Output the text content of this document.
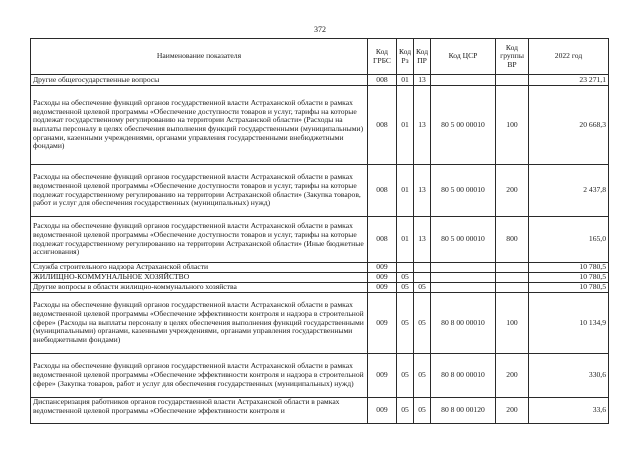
372
Наименование показателя	Код ГРБС	Код Рз	Код ПР	Код ЦСР	Код группы ВР	2022 год
Другие общегосударственные вопросы	008	01	13			23 271,1
Расходы на обеспечение функций органов государственной власти Астраханской области в рамках ведомственной целевой программы «Обеспечение доступности товаров и услуг, тарифы на которые подлежат государственному регулированию на территории Астраханской области» (Расходы на выплаты персоналу в целях обеспечения выполнения функций государственными (муниципальными) органами, казенными учреждениями, органами управления государственными внебюджетными фондами)	008	01	13	80 5 00 00010	100	20 668,3
Расходы на обеспечение функций органов государственной власти Астраханской области в рамках ведомственной целевой программы «Обеспечение доступности товаров и услуг, тарифы на которые подлежат государственному регулированию на территории Астраханской области» (Закупка товаров, работ и услуг для обеспечения государственных (муниципальных) нужд)	008	01	13	80 5 00 00010	200	2 437,8
Расходы на обеспечение функций органов государственной власти Астраханской области в рамках ведомственной целевой программы «Обеспечение доступности товаров и услуг, тарифы на которые подлежат государственному регулированию на территории Астраханской области» (Иные бюджетные ассигнования)	008	01	13	80 5 00 00010	800	165,0
Служба строительного надзора Астраханской области	009					10 780,5
ЖИЛИЩНО-КОММУНАЛЬНОЕ ХОЗЯЙСТВО	009	05				10 780,5
Другие вопросы в области жилищно-коммунального хозяйства	009	05	05			10 780,5
Расходы на обеспечение функций органов государственной власти Астраханской области в рамках ведомственной целевой программы «Обеспечение эффективности контроля и надзора в строительной сфере» (Расходы на выплаты персоналу в целях обеспечения выполнения функций государственными (муниципальными) органами, казенными учреждениями, органами управления государственными внебюджетными фондами)	009	05	05	80 8 00 00010	100	10 134,9
Расходы на обеспечение функций органов государственной власти Астраханской области в рамках ведомственной целевой программы «Обеспечение эффективности контроля и надзора в строительной сфере» (Закупка товаров, работ и услуг для обеспечения государственных (муниципальных) нужд)	009	05	05	80 8 00 00010	200	330,6

Диспансеризация работников органов государственной власти Астраханской области в рамках ведомственной целевой программы «Обеспечение эффективности контроля и	009	05	05	80 8 00 00120	200	33,6
